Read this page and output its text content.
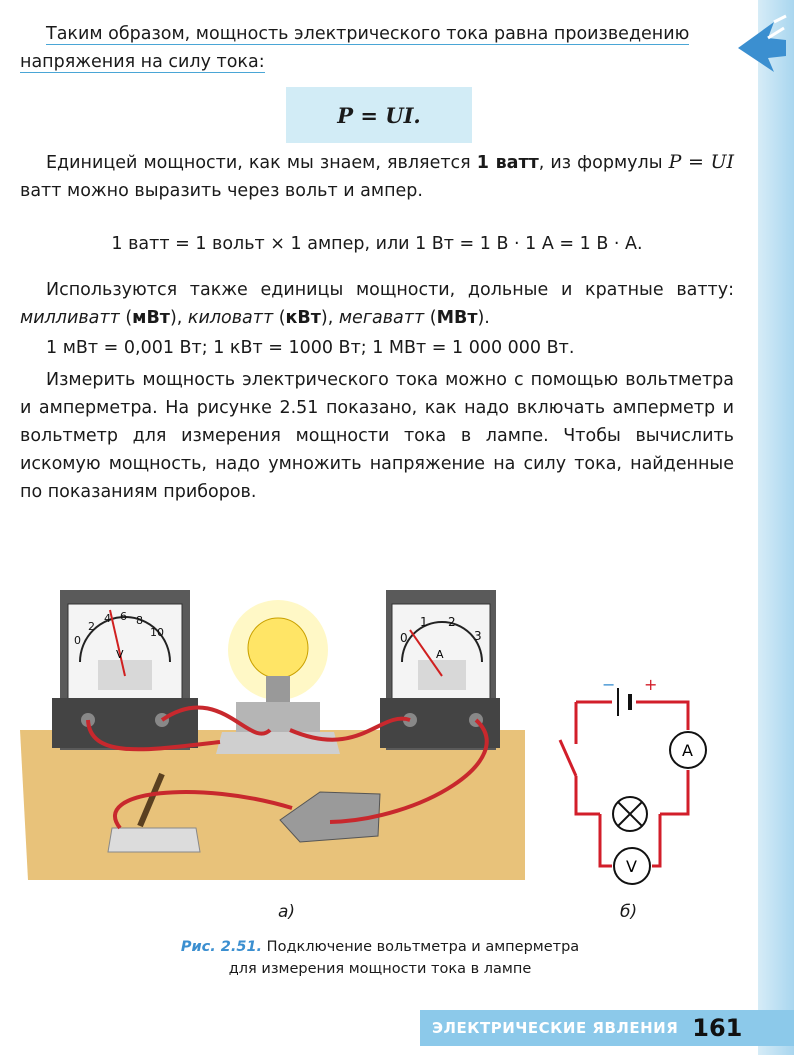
Таким образом, мощность электрического тока равна произведению
напряжения на силу тока:
P = UI.
Единицей мощности, как мы знаем, является 1 ватт, из формулы P = UI ватт можно выразить через вольт и ампер.
1 ватт = 1 вольт × 1 ампер, или 1 Вт = 1 В · 1 А = 1 В · А.
Используются также единицы мощности, дольные и кратные ватту: милливатт (мВт), киловатт (кВт), мегаватт (МВт).
1 мВт = 0,001 Вт; 1 кВт = 1000 Вт; 1 МВт = 1 000 000 Вт.
Измерить мощность электрического тока можно с помощью вольтметра и амперметра. На рисунке 2.51 показано, как надо включать амперметр и вольтметр для измерения мощности тока в лампе. Чтобы вычислить искомую мощность, надо умножить напряжение на силу тока, найденные по показаниям приборов.
V
0
2
4 6 8
10
A
0
1 2
3
− +
A
V
а)	б)
Рис. 2.51. Подключение вольтметра и амперметра
для измерения мощности тока в лампе
ЭЛЕКТРИЧЕСКИЕ ЯВЛЕНИЯ 161
